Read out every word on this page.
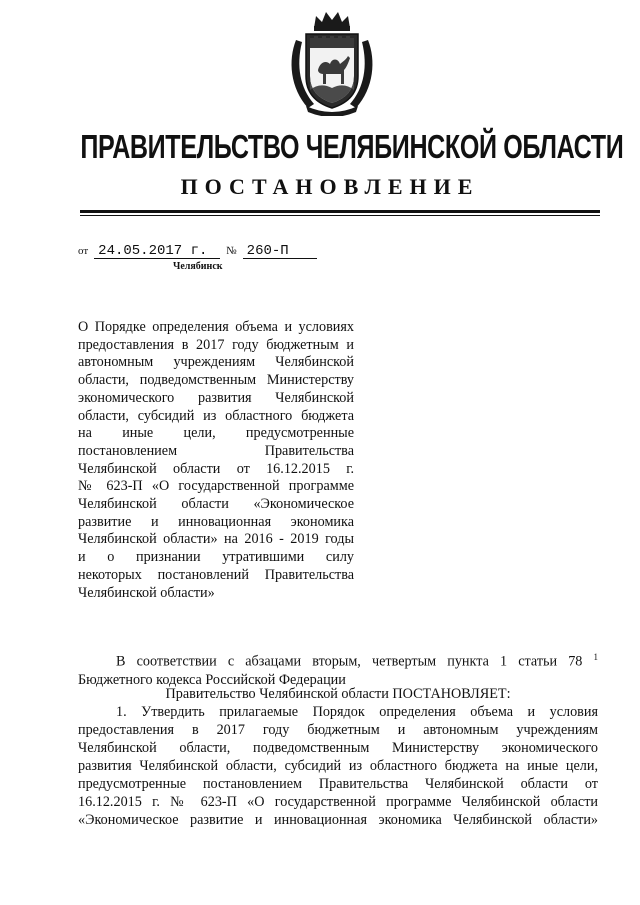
ПРАВИТЕЛЬСТВО ЧЕЛЯБИНСКОЙ ОБЛАСТИ
ПОСТАНОВЛЕНИЕ
от 24.05.2017 г. № 260-П
Челябинск
О Порядке определения объема и условиях
предоставления в 2017 году бюджетным и
автономным учреждениям Челябинской
области, подведомственным Министерству
экономического развития Челябинской
области, субсидий из областного бюджета
на иные цели, предусмотренные
постановлением Правительства
Челябинской области от 16.12.2015 г.
№ 623-П «О государственной программе
Челябинской области «Экономическое
развитие и инновационная экономика
Челябинской области» на 2016 - 2019 годы
и о признании утратившими силу
некоторых постановлений Правительства
Челябинской области»
В соответствии с абзацами вторым, четвертым пункта 1 статьи 78 $^1$
Бюджетного кодекса Российской Федерации
Правительство Челябинской области ПОСТАНОВЛЯЕТ:
1. Утвердить прилагаемые Порядок определения объема и условия
предоставления в 2017 году бюджетным и автономным учреждениям
Челябинской области, подведомственным Министерству экономического
развития Челябинской области, субсидий из областного бюджета на иные цели,
предусмотренные постановлением Правительства Челябинской области от
16.12.2015 г. № 623-П «О государственной программе Челябинской области
«Экономическое развитие и инновационная экономика Челябинской области»
